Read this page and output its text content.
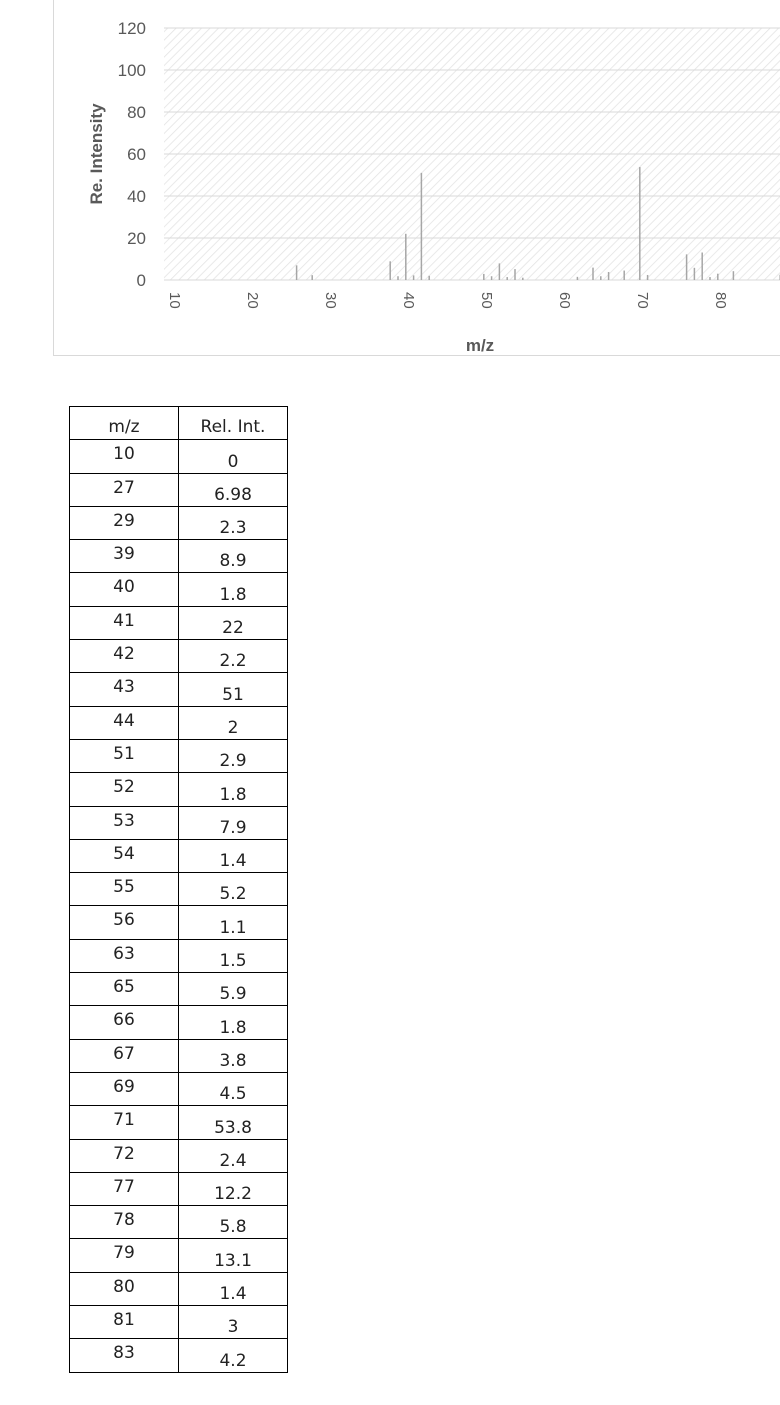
0
20
40
60
80
100
120
10	20	30	40	50	60	70	80
Re. Intensity
m/z
m/z	Rel. Int.
10	0
27	6.98
29	2.3
39	8.9
40	1.8
41	22
42	2.2
43	51
44	2
51	2.9
52	1.8
53	7.9
54	1.4
55	5.2
56	1.1
63	1.5
65	5.9
66	1.8
67	3.8
69	4.5
71	53.8
72	2.4
77	12.2
78	5.8
79	13.1
80	1.4
81	3
83	4.2
